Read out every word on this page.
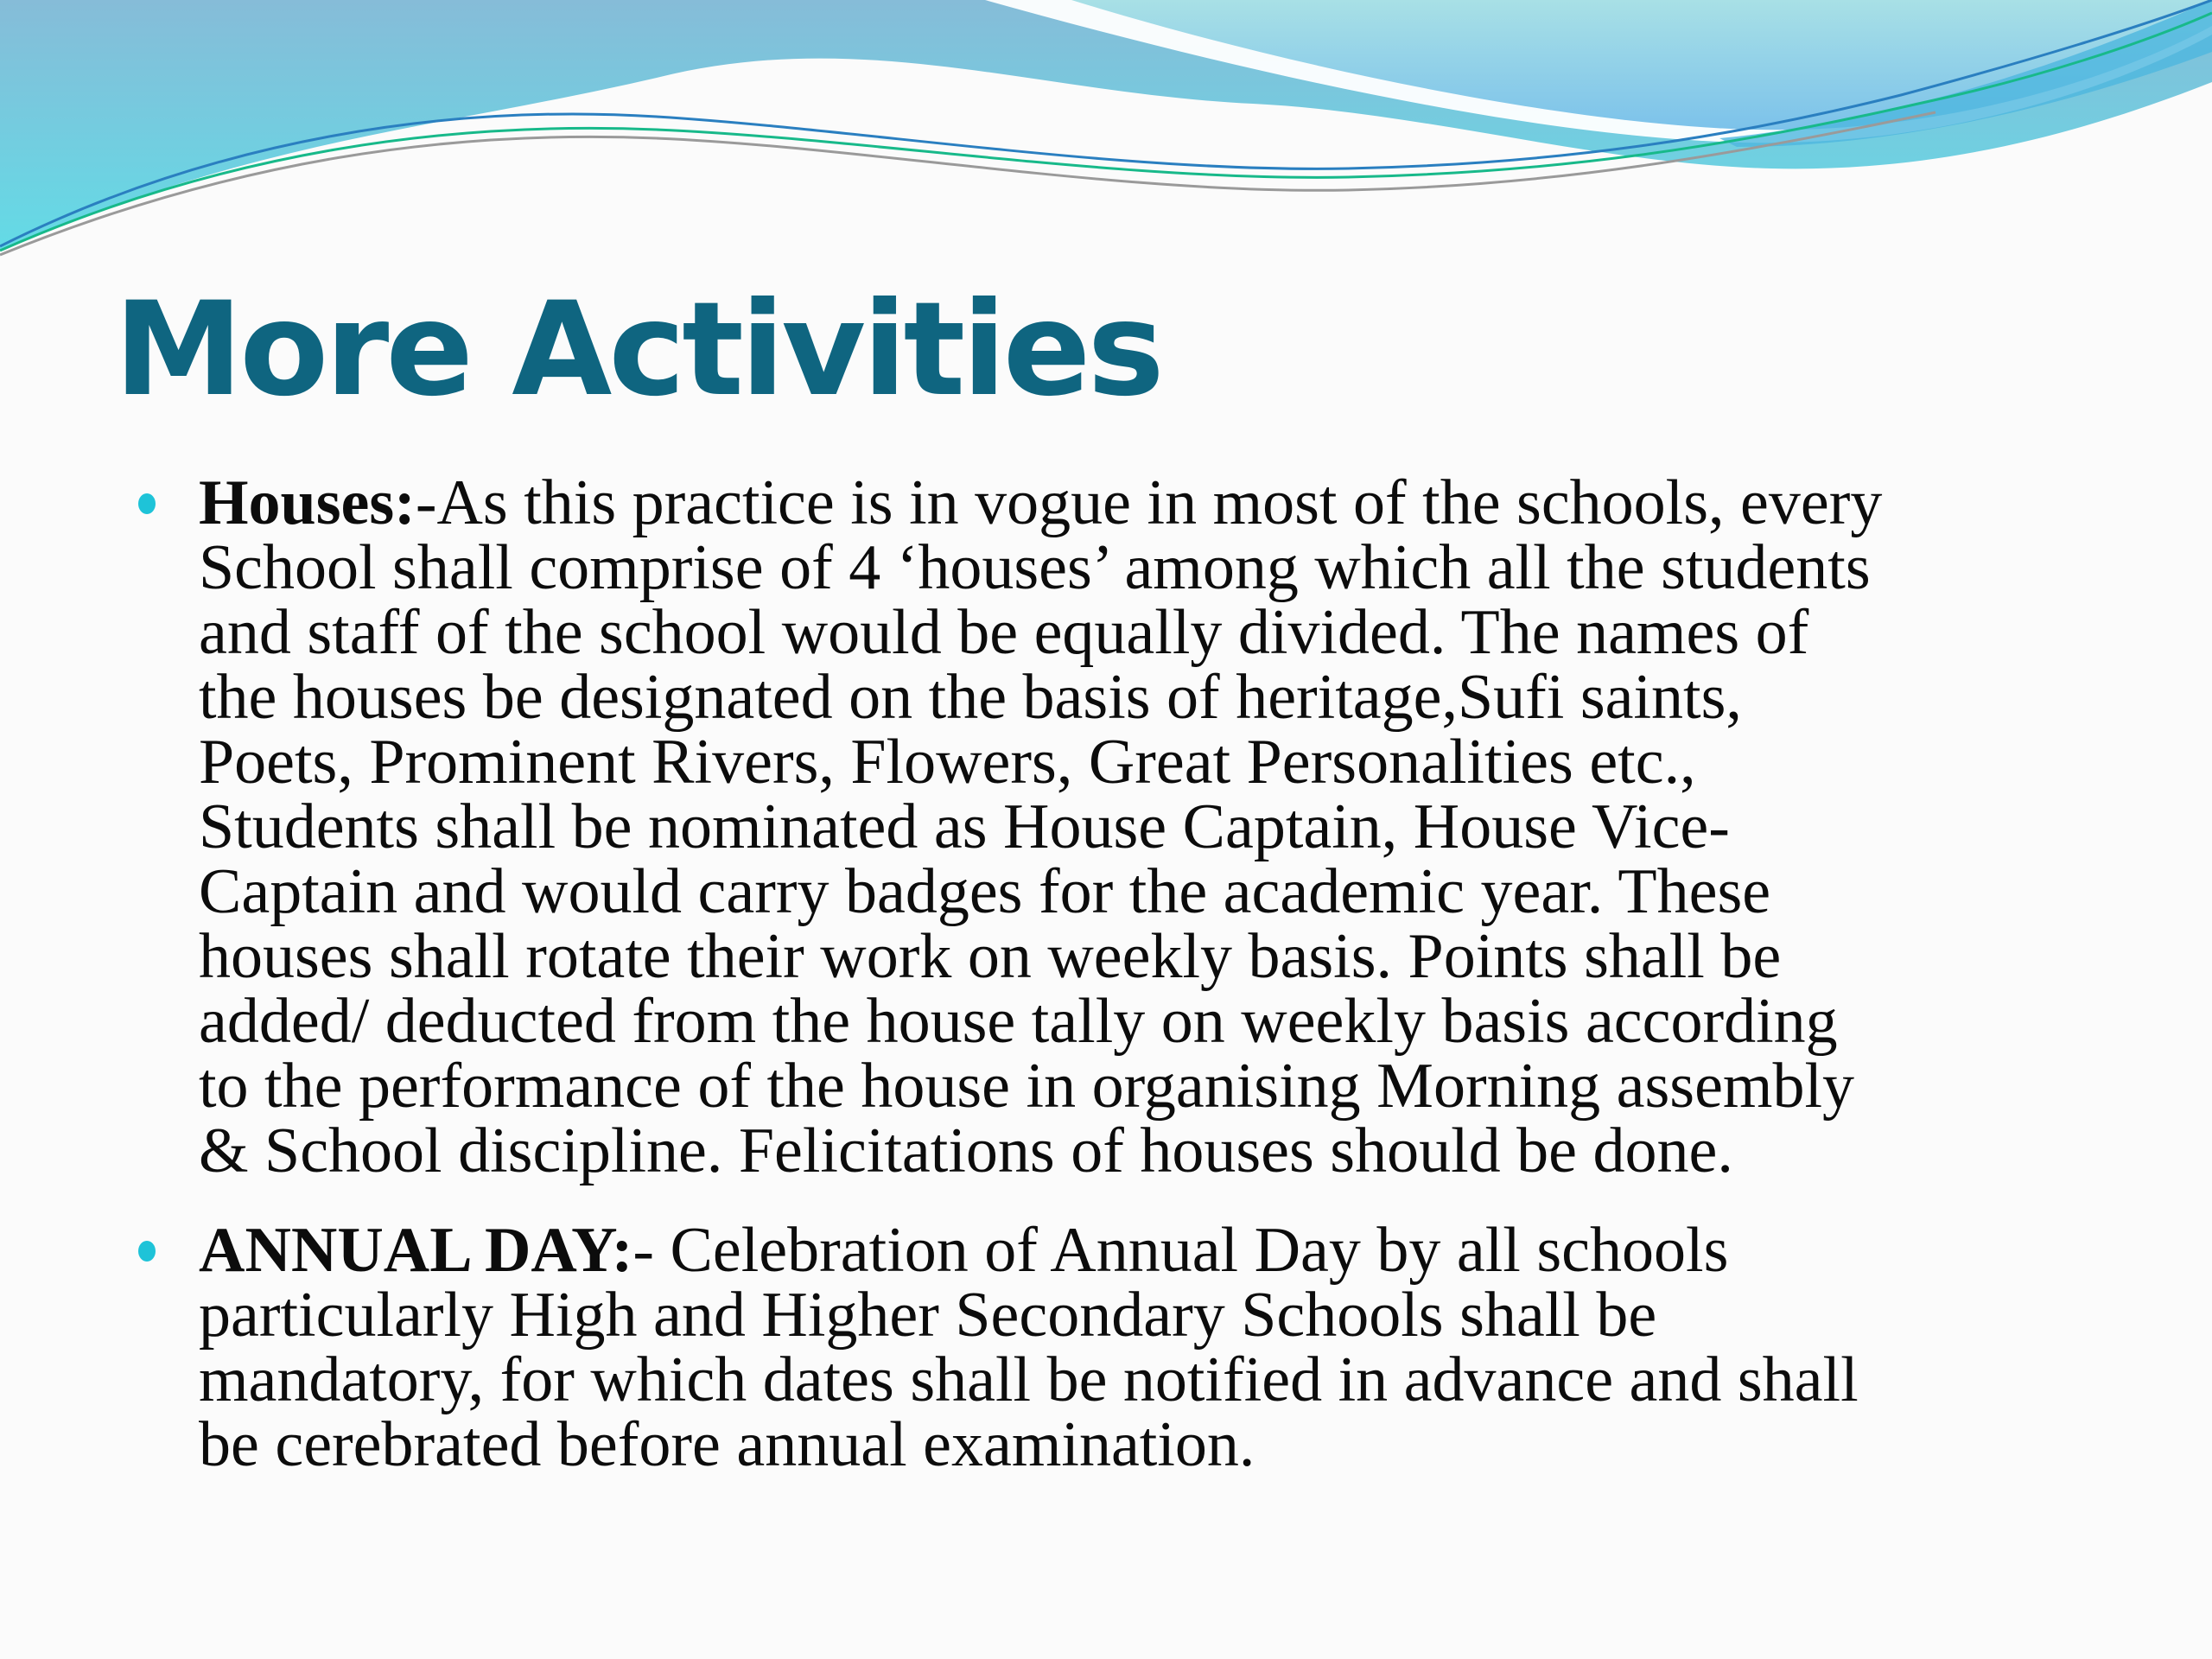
More Activities
Houses:-As this practice is in vogue in most of the schools, every
School shall comprise of 4 ‘houses’ among which all the students
and staff of the school would be equally divided. The names of
the houses be designated on the basis of heritage,Sufi saints,
Poets, Prominent Rivers, Flowers, Great Personalities etc.,
Students shall be nominated as House Captain, House Vice-
Captain and would carry badges for the academic year. These
houses shall rotate their work on weekly basis. Points shall be
added/ deducted from the house tally on weekly basis according
to the performance of the house in organising Morning assembly
& School discipline. Felicitations of houses should be done.
ANNUAL DAY:- Celebration of Annual Day by all schools
particularly High and Higher Secondary Schools shall be
mandatory, for which dates shall be notified in advance and shall
be cerebrated before annual examination.
